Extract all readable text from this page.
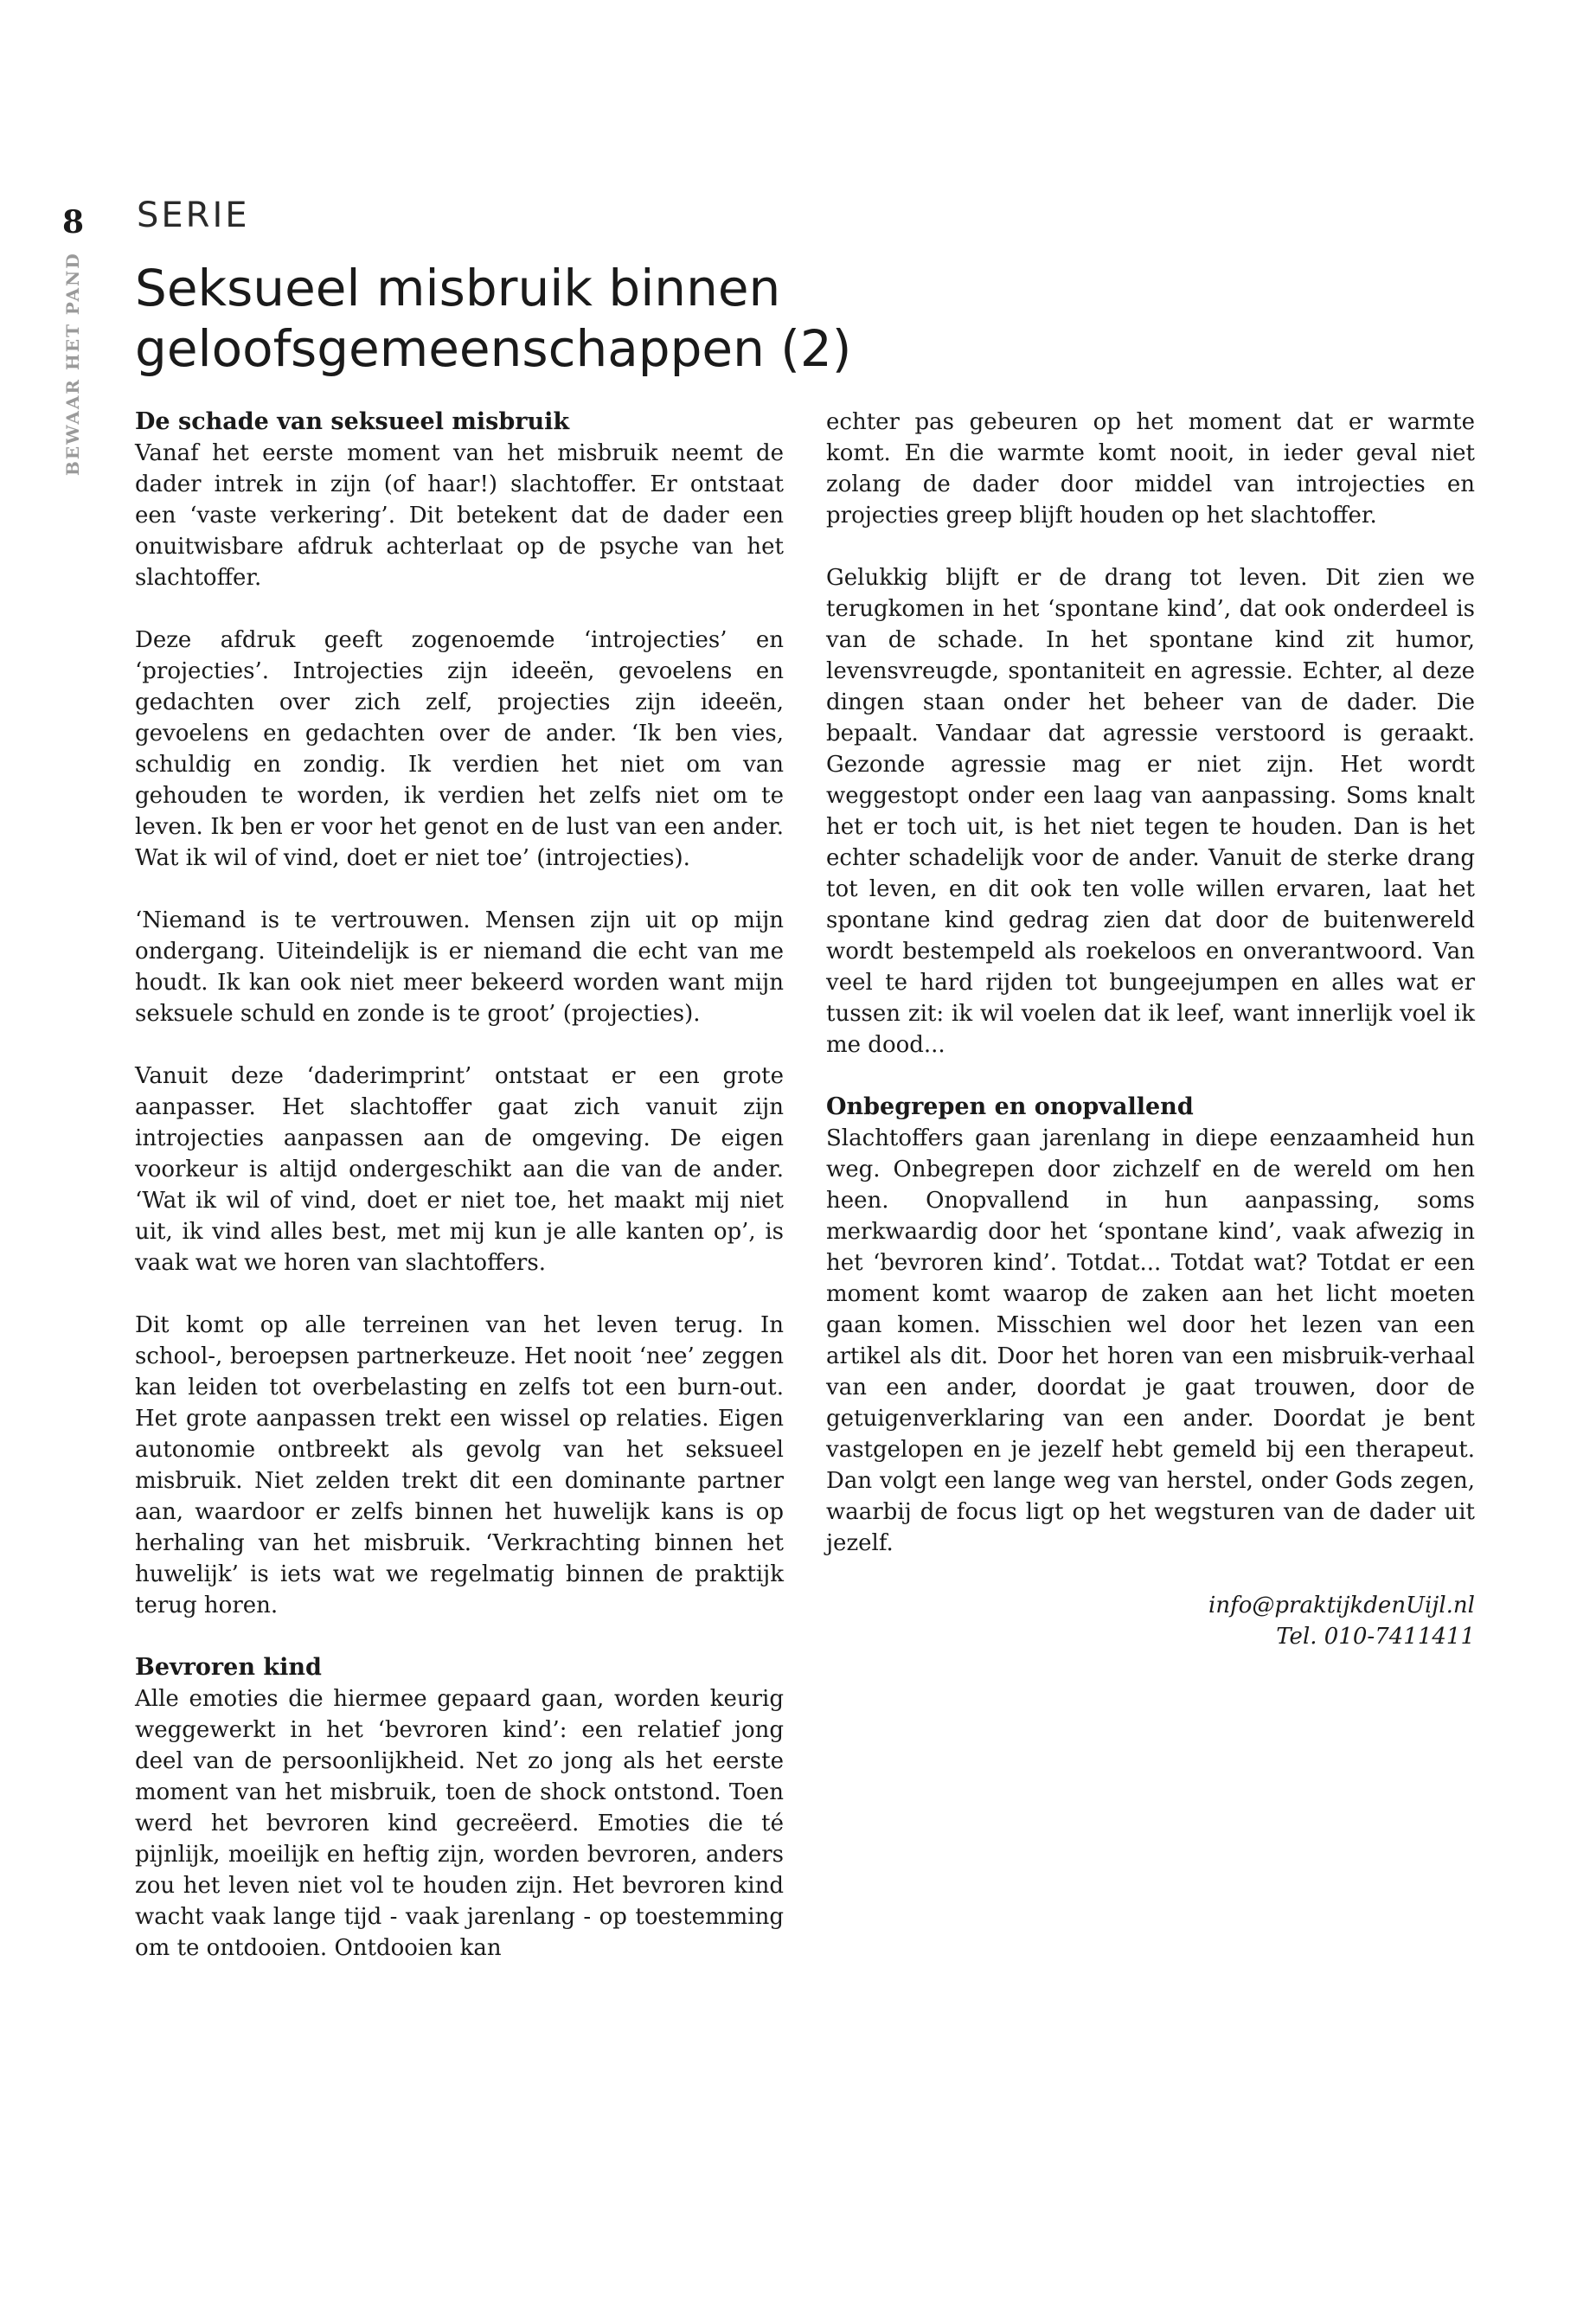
8
BEWAAR HET PAND
SERIE
Seksueel misbruik binnen
geloofsgemeenschappen (2)
De schade van seksueel misbruik

Vanaf het eerste moment van het misbruik neemt de dader intrek in zijn (of haar!) slachtoffer. Er ontstaat een ‘vaste verkering’. Dit betekent dat de dader een onuitwisbare afdruk achterlaat op de psyche van het slachtoffer.

Deze afdruk geeft zogenoemde ‘introjecties’ en ‘projecties’. Introjecties zijn ideeën, gevoelens en gedachten over zich zelf, projecties zijn ideeën, gevoelens en gedachten over de ander. ‘Ik ben vies, schuldig en zondig. Ik verdien het niet om van gehouden te worden, ik verdien het zelfs niet om te leven. Ik ben er voor het genot en de lust van een ander. Wat ik wil of vind, doet er niet toe’ (introjecties).

‘Niemand is te vertrouwen. Mensen zijn uit op mijn ondergang. Uiteindelijk is er niemand die echt van me houdt. Ik kan ook niet meer bekeerd worden want mijn seksuele schuld en zonde is te groot’ (projecties).

Vanuit deze ‘daderimprint’ ontstaat er een grote aanpasser. Het slachtoffer gaat zich vanuit zijn introjecties aanpassen aan de omgeving. De eigen voorkeur is altijd ondergeschikt aan die van de ander. ‘Wat ik wil of vind, doet er niet toe, het maakt mij niet uit, ik vind alles best, met mij kun je alle kanten op’, is vaak wat we horen van slachtoffers.

Dit komt op alle terreinen van het leven terug. In school-, beroepsen partnerkeuze. Het nooit ‘nee’ zeggen kan leiden tot overbelasting en zelfs tot een burn-out. Het grote aanpassen trekt een wissel op relaties. Eigen autonomie ontbreekt als gevolg van het seksueel misbruik. Niet zelden trekt dit een dominante partner aan, waardoor er zelfs binnen het huwelijk kans is op herhaling van het misbruik. ‘Verkrachting binnen het huwelijk’ is iets wat we regelmatig binnen de praktijk terug horen.

Bevroren kind

Alle emoties die hiermee gepaard gaan, worden keurig weggewerkt in het ‘bevroren kind’: een relatief jong deel van de persoonlijkheid. Net zo jong als het eerste moment van het misbruik, toen de shock ontstond. Toen werd het bevroren kind gecreëerd. Emoties die té pijnlijk, moeilijk en heftig zijn, worden bevroren, anders zou het leven niet vol te houden zijn. Het bevroren kind wacht vaak lange tijd - vaak jarenlang - op toestemming om te ontdooien. Ontdooien kan

echter pas gebeuren op het moment dat er warmte komt. En die warmte komt nooit, in ieder geval niet zolang de dader door middel van introjecties en projecties greep blijft houden op het slachtoffer.

Gelukkig blijft er de drang tot leven. Dit zien we terugkomen in het ‘spontane kind’, dat ook onderdeel is van de schade. In het spontane kind zit humor, levensvreugde, spontaniteit en agressie. Echter, al deze dingen staan onder het beheer van de dader. Die bepaalt. Vandaar dat agressie verstoord is geraakt. Gezonde agressie mag er niet zijn. Het wordt weggestopt onder een laag van aanpassing. Soms knalt het er toch uit, is het niet tegen te houden. Dan is het echter schadelijk voor de ander. Vanuit de sterke drang tot leven, en dit ook ten volle willen ervaren, laat het spontane kind gedrag zien dat door de buitenwereld wordt bestempeld als roekeloos en onverantwoord. Van veel te hard rijden tot bungeejumpen en alles wat er tussen zit: ik wil voelen dat ik leef, want innerlijk voel ik me dood...

Onbegrepen en onopvallend

Slachtoffers gaan jarenlang in diepe eenzaamheid hun weg. Onbegrepen door zichzelf en de wereld om hen heen. Onopvallend in hun aanpassing, soms merkwaardig door het ‘spontane kind’, vaak afwezig in het ‘bevroren kind’. Totdat... Totdat wat? Totdat er een moment komt waarop de zaken aan het licht moeten gaan komen. Misschien wel door het lezen van een artikel als dit. Door het horen van een misbruik-verhaal van een ander, doordat je gaat trouwen, door de getuigenverklaring van een ander. Doordat je bent vastgelopen en je jezelf hebt gemeld bij een therapeut. Dan volgt een lange weg van herstel, onder Gods zegen, waarbij de focus ligt op het wegsturen van de dader uit jezelf.

info@praktijkdenUijl.nl
Tel. 010-7411411
